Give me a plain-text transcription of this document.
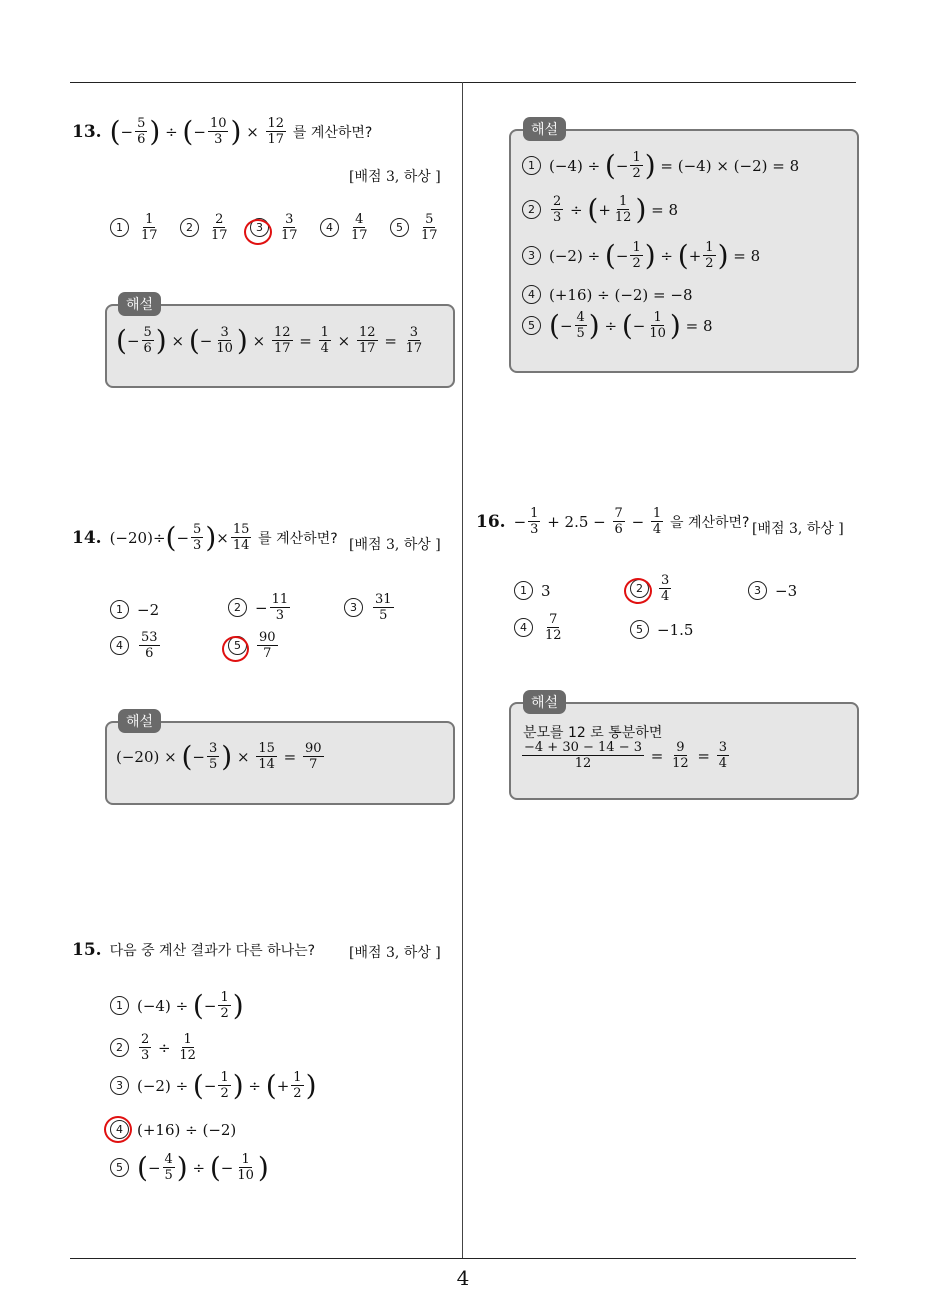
4
13. ( − $\frac{5}{6}$ ) ÷ ( − $\frac{10}{3}$ ) × $\frac{12}{17}$
를 계산하면?
[배점 3, 하상 ]
1	$\frac{1}{17}$	2	$\frac{2}{17}$	3	$\frac{3}{17}$	4	$\frac{4}{17}$	5	$\frac{5}{17}$
해설
( − $\frac{5}{6}$ ) × ( − $\frac{3}{10}$ ) × $\frac{12}{17} = \frac{1}{4} \times \frac{12}{17} = \frac{3}{17}$
14. (−20)÷ ( − $\frac{5}{3}$ ) × $\frac{15}{14}$
를 계산하면? [배점 3, 하상 ]
1 −2	$2 - \frac{11}{3}$	3	$\frac{31}{5}$
4	$\frac{53}{6}$	5	$\frac{90}{7}$
해설
(−20) × ( − $\frac{3}{5}$ ) × $\frac{15}{14} = \frac{90}{7}$
15. 다음 중 계산 결과가 다른 하나는? [배점 3, 하상 ]
1 (−4) ÷ ( − $\frac{1}{2}$ )
2	$\frac{2}{3} \div \frac{1}{12}$
3 (−2) ÷ ( − $\frac{1}{2}$ ) ÷ ( + $\frac{1}{2}$ )
4 (+16) ÷ (−2)
5 ( − $\frac{4}{5}$ ) ÷ ( − $\frac{1}{10}$ )
해설
1 (−4) ÷ ( − $\frac{1}{2}$ ) = (−4) × (−2) = 8
2	$\frac{2}{3}$ ÷ ( + $\frac{1}{12}$ ) = 8
3 (−2) ÷ ( − $\frac{1}{2}$ ) ÷ ( + $\frac{1}{2}$ ) = 8
4 (+16) ÷ (−2) = −8
5 ( − $\frac{4}{5}$ ) ÷ ( − $\frac{1}{10}$ ) = 8
16. − $\frac{1}{3} + 2.5 - \frac{7}{6} - \frac{1}{4}$
을 계산하면? [배점 3, 하상 ]
1 3	2	$\frac{3}{4}$	3 −3
4	$\frac{7}{12}$	5 −1.5
해설
분모를 12 로 통분하면
$\frac{-4 + 30 - 14 - 3}{12} = \frac{9}{12} = \frac{3}{4}$
